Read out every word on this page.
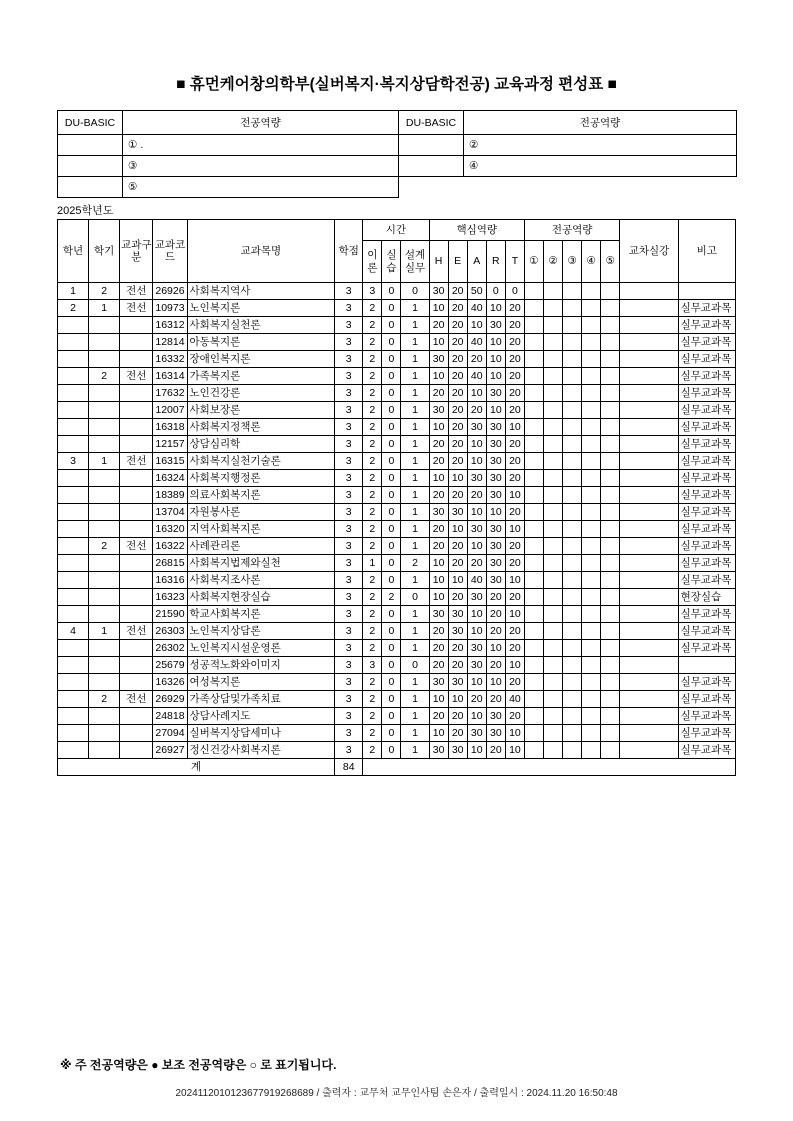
■ 휴먼케어창의학부(실버복지·복지상담학전공) 교육과정 편성표 ■
DU-BASIC	전공역량	DU-BASIC	전공역량
	① .		②
	③		④
	⑤		
2025학년도
학년	학기	교과구분	교과코드	교과목명	학점	시간			핵심역량					전공역량					교차실강	비고
						이론	실습	설계실무	H	E	A	R	T	①	②	③	④	⑤		
1	2	전선	26926	사회복지역사	3	3	0	0	30	20	50	0	0							
2	1	전선	10973	노인복지론	3	2	0	1	10	20	40	10	20							실무교과목
			16312	사회복지실천론	3	2	0	1	20	20	10	30	20							실무교과목
			12814	아동복지론	3	2	0	1	10	20	40	10	20							실무교과목
			16332	장애인복지론	3	2	0	1	30	20	20	10	20							실무교과목
	2	전선	16314	가족복지론	3	2	0	1	10	20	40	10	20							실무교과목
			17632	노인건강론	3	2	0	1	20	20	10	30	20							실무교과목
			12007	사회보장론	3	2	0	1	30	20	20	10	20							실무교과목
			16318	사회복지정책론	3	2	0	1	10	20	30	30	10							실무교과목
			12157	상담심리학	3	2	0	1	20	20	10	30	20							실무교과목
3	1	전선	16315	사회복지실천기술론	3	2	0	1	20	20	10	30	20							실무교과목
			16324	사회복지행정론	3	2	0	1	10	10	30	30	20							실무교과목
			18389	의료사회복지론	3	2	0	1	20	20	20	30	10							실무교과목
			13704	자원봉사론	3	2	0	1	30	30	10	10	20							실무교과목
			16320	지역사회복지론	3	2	0	1	20	10	30	30	10							실무교과목
	2	전선	16322	사례관리론	3	2	0	1	20	20	10	30	20							실무교과목
			26815	사회복지법제와실천	3	1	0	2	10	20	20	30	20							실무교과목
			16316	사회복지조사론	3	2	0	1	10	10	40	30	10							실무교과목
			16323	사회복지현장실습	3	2	2	0	10	20	30	20	20							현장실습
			21590	학교사회복지론	3	2	0	1	30	30	10	20	10							실무교과목
4	1	전선	26303	노인복지상담론	3	2	0	1	20	30	10	20	20							실무교과목
			26302	노인복지시설운영론	3	2	0	1	20	20	30	10	20							실무교과목
			25679	성공적노화와이미지	3	3	0	0	20	20	30	20	10							
			16326	여성복지론	3	2	0	1	30	30	10	10	20							실무교과목
	2	전선	26929	가족상담및가족치료	3	2	0	1	10	10	20	20	40							실무교과목
			24818	상담사례지도	3	2	0	1	20	20	10	30	20							실무교과목
			27094	실버복지상담세미나	3	2	0	1	10	20	30	30	10							실무교과목
			26927	정신건강사회복지론	3	2	0	1	30	30	10	20	10							실무교과목
계					84															
※ 주 전공역량은 ● 보조 전공역량은 ○ 로 표기됩니다.
2024112010123677919268689 / 출력자 : 교무처 교무인사팀 손은자 / 출력일시 : 2024.11.20 16:50:48
